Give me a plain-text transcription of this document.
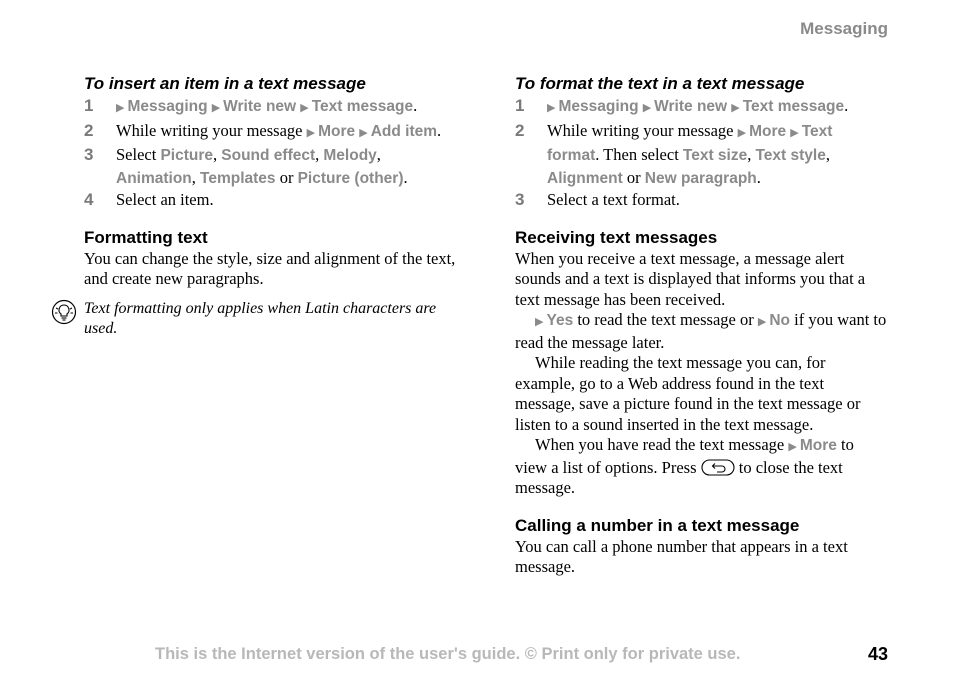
Messaging
To insert an item in a text message
1 ▶ Messaging ▶ Write new ▶ Text message.
2 While writing your message ▶ More ▶ Add item.
3 Select Picture, Sound effect, Melody, Animation, Templates or Picture (other).
4 Select an item.
Formatting text

You can change the style, size and alignment of the text, and create new paragraphs.

Text formatting only applies when Latin characters are used.

To format the text in a text message
1 ▶ Messaging ▶ Write new ▶ Text message.
2 While writing your message ▶ More ▶ Text format. Then select Text size, Text style, Alignment or New paragraph.
3 Select a text format.
Receiving text messages

When you receive a text message, a message alert sounds and a text is displayed that informs you that a text message has been received.

▶ Yes to read the text message or ▶ No if you want to read the message later.

While reading the text message you can, for example, go to a Web address found in the text message, save a picture found in the text message or listen to a sound inserted in the text message.

When you have read the text message ▶ More to view a list of options. Press	to close the text message.

Calling a number in a text message

You can call a phone number that appears in a text message.

This is the Internet version of the user's guide. © Print only for private use.	43
